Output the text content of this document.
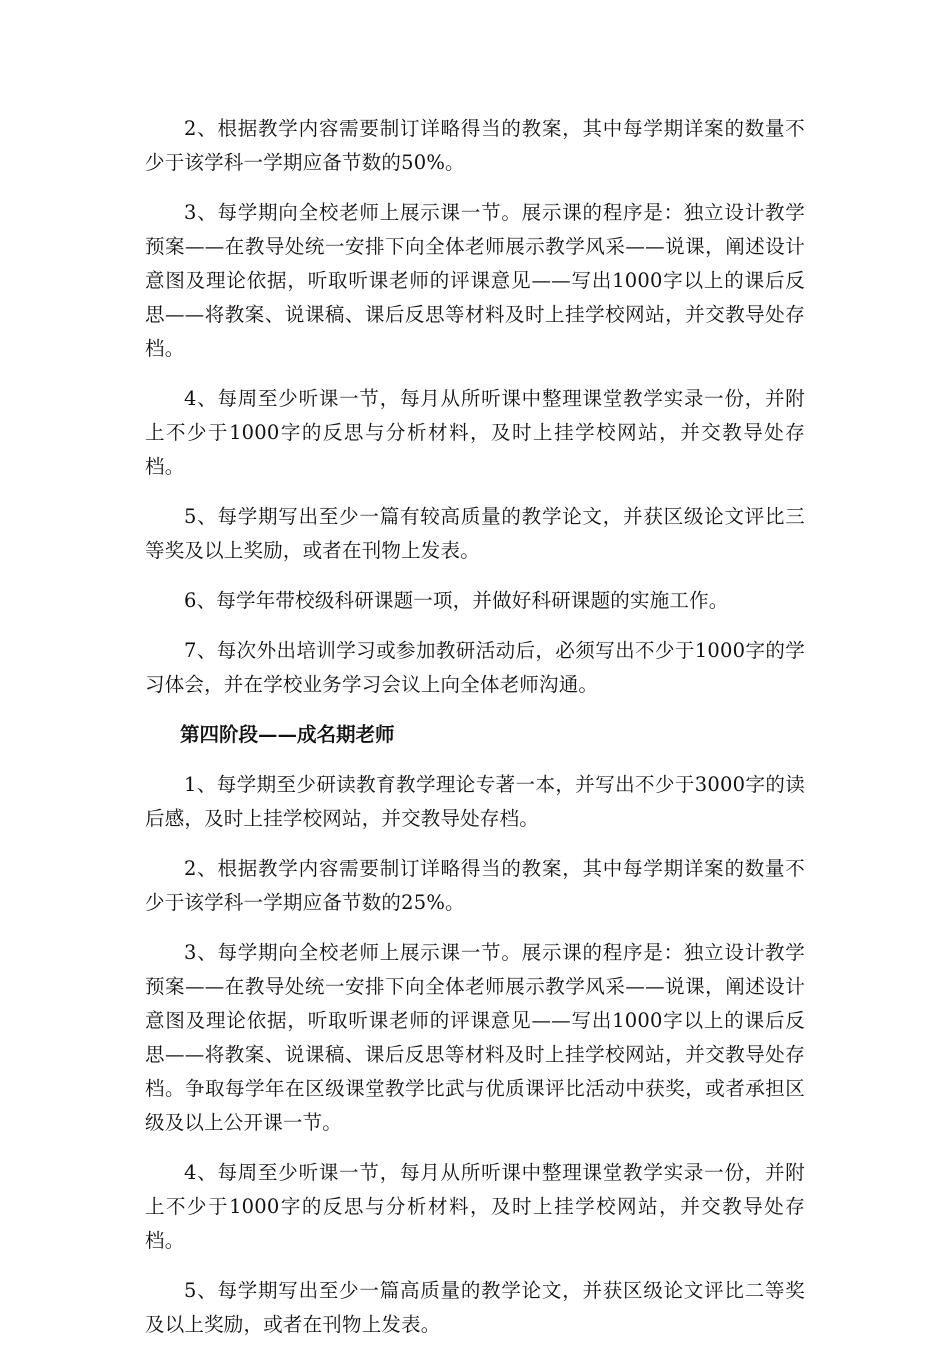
2、根据教学内容需要制订详略得当的教案，其中每学期详案的数量不少于该学科一学期应备节数的50%。

3、每学期向全校老师上展示课一节。展示课的程序是：独立设计教学预案——在教导处统一安排下向全体老师展示教学风采——说课，阐述设计意图及理论依据，听取听课老师的评课意见——写出1000字以上的课后反思——将教案、说课稿、课后反思等材料及时上挂学校网站，并交教导处存档。

4、每周至少听课一节，每月从所听课中整理课堂教学实录一份，并附上不少于1000字的反思与分析材料，及时上挂学校网站，并交教导处存档。

5、每学期写出至少一篇有较高质量的教学论文，并获区级论文评比三等奖及以上奖励，或者在刊物上发表。

6、每学年带校级科研课题一项，并做好科研课题的实施工作。

7、每次外出培训学习或参加教研活动后，必须写出不少于1000字的学习体会，并在学校业务学习会议上向全体老师沟通。

第四阶段——成名期老师

1、每学期至少研读教育教学理论专著一本，并写出不少于3000字的读后感，及时上挂学校网站，并交教导处存档。

2、根据教学内容需要制订详略得当的教案，其中每学期详案的数量不少于该学科一学期应备节数的25%。

3、每学期向全校老师上展示课一节。展示课的程序是：独立设计教学预案——在教导处统一安排下向全体老师展示教学风采——说课，阐述设计意图及理论依据，听取听课老师的评课意见——写出1000字以上的课后反思——将教案、说课稿、课后反思等材料及时上挂学校网站，并交教导处存档。争取每学年在区级课堂教学比武与优质课评比活动中获奖，或者承担区级及以上公开课一节。

4、每周至少听课一节，每月从所听课中整理课堂教学实录一份，并附上不少于1000字的反思与分析材料，及时上挂学校网站，并交教导处存档。

5、每学期写出至少一篇高质量的教学论文，并获区级论文评比二等奖及以上奖励，或者在刊物上发表。
